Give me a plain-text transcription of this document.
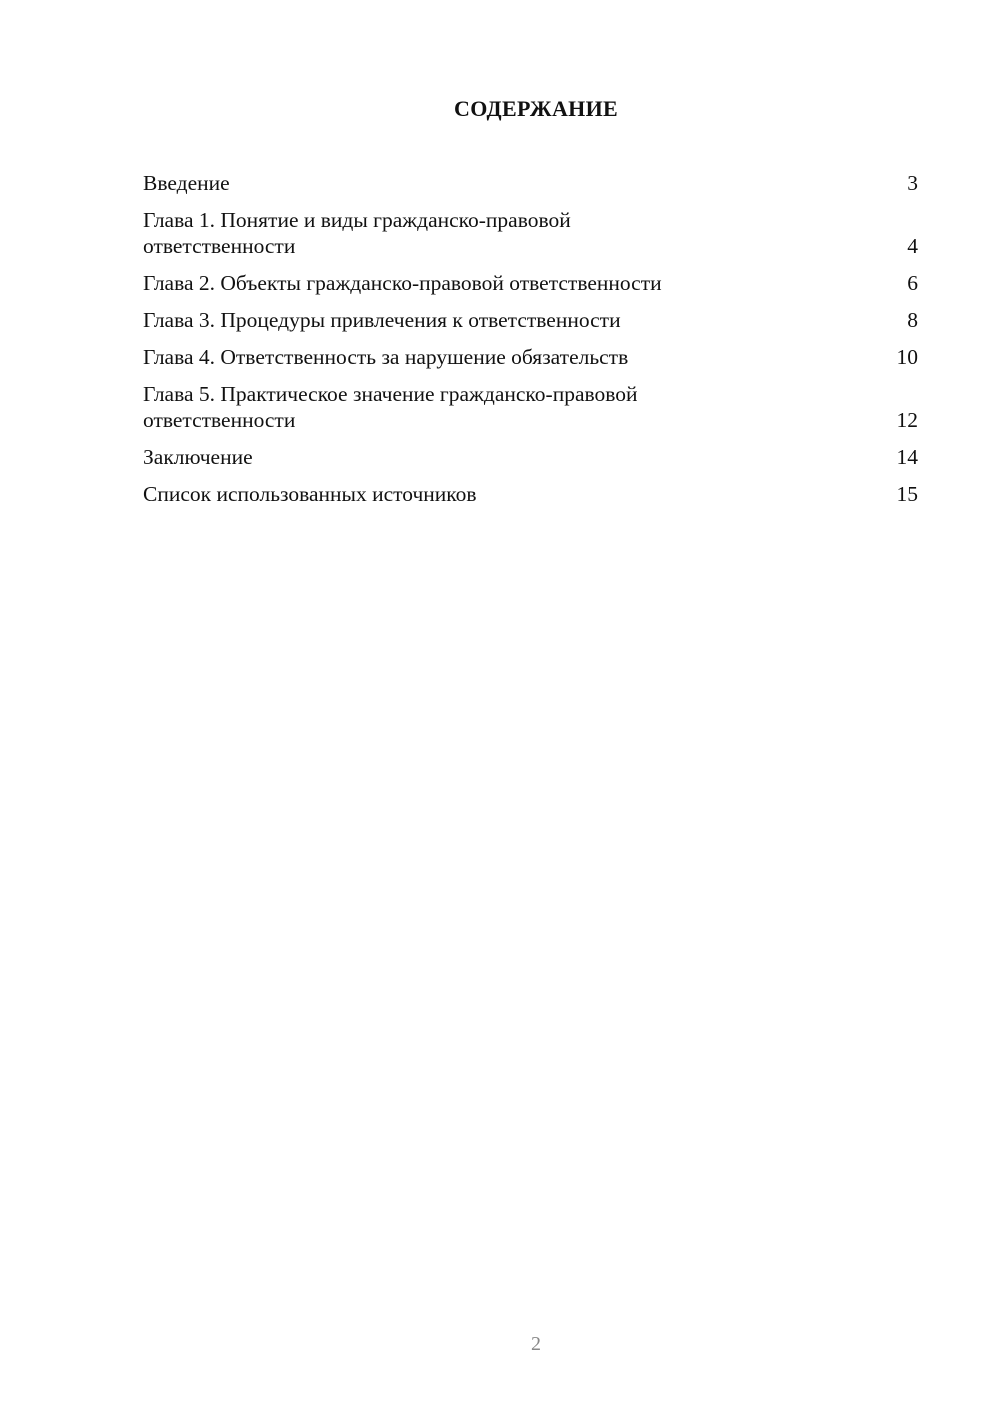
СОДЕРЖАНИЕ
Введение	3
Глава 1. Понятие и виды гражданско-правовой
ответственности	4
Глава 2. Объекты гражданско-правовой ответственности	6
Глава 3. Процедуры привлечения к ответственности	8
Глава 4. Ответственность за нарушение обязательств	10
Глава 5. Практическое значение гражданско-правовой
ответственности	12
Заключение	14
Список использованных источников	15
2
